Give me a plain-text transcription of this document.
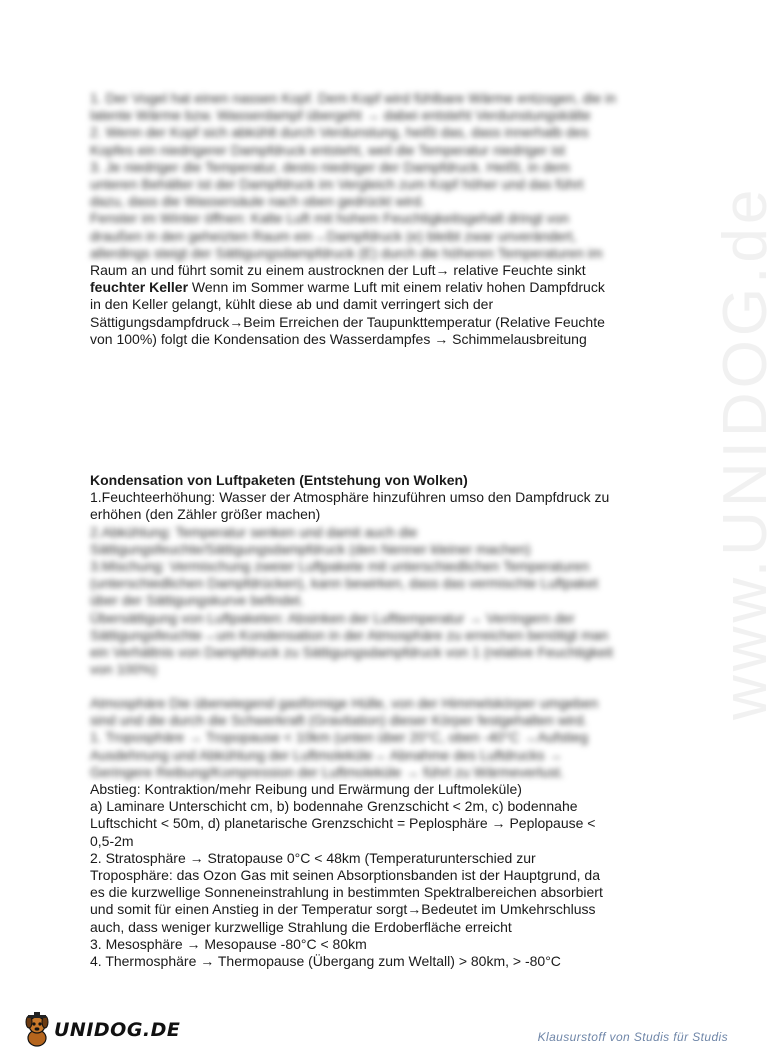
www.UNIDOG.de

1. Der Vogel hat einen nassen Kopf. Dem Kopf wird fühlbare Wärme entzogen, die in

latente Wärme bzw. Wasserdampf übergeht → dabei entsteht Verdunstungskälte

2. Wenn der Kopf sich abkühlt durch Verdunstung, heißt das, dass innerhalb des

Kopfes ein niedrigerer Dampfdruck entsteht, weil die Temperatur niedriger ist

3. Je niedriger die Temperatur, desto niedriger der Dampfdruck. Heißt, in dem

unteren Behälter ist der Dampfdruck im Vergleich zum Kopf höher und das führt

dazu, dass die Wassersäule nach oben gedrückt wird.

Fenster im Winter öffnen: Kalte Luft mit hohem Feuchtigkeitsgehalt dringt von

draußen in den geheizten Raum ein→Dampfdruck (e) bleibt zwar unverändert,

allerdings steigt der Sättigungsdampfdruck (E) durch die höheren Temperaturen im

Raum an und führt somit zu einem austrocknen der Luft→ relative Feuchte sinkt

feuchter Keller Wenn im Sommer warme Luft mit einem relativ hohen Dampfdruck

in den Keller gelangt, kühlt diese ab und damit verringert sich der

Sättigungsdampfdruck→Beim Erreichen der Taupunkttemperatur (Relative Feuchte

von 100%) folgt die Kondensation des Wasserdampfes → Schimmelausbreitung

Kondensation von Luftpaketen (Entstehung von Wolken)

1.Feuchteerhöhung: Wasser der Atmosphäre hinzuführen umso den Dampfdruck zu

erhöhen (den Zähler größer machen)

2.Abkühlung: Temperatur senken und damit auch die

Sättigungsfeuchte/Sättigungsdampfdruck (den Nenner kleiner machen)

3.Mischung: Vermischung zweier Luftpakete mit unterschiedlichen Temperaturen

(unterschiedlichen Dampfdrücken), kann bewirken, dass das vermischte Luftpaket

über der Sättigungskurve befindet.

Übersättigung von Luftpaketen: Absinken der Lufttemperatur → Verringern der

Sättigungsfeuchte→um Kondensation in der Atmosphäre zu erreichen benötigt man

ein Verhältnis von Dampfdruck zu Sättigungsdampfdruck von 1 (relative Feuchtigkeit

von 100%)

Atmosphäre Die überwiegend gasförmige Hülle, von der Himmelskörper umgeben

sind und die durch die Schwerkraft (Gravitation) dieser Körper festgehalten wird.

1. Troposphäre → Tropopause < 10km (unten über 20°C, oben -40°C →Aufstieg

Ausdehnung und Abkühlung der Luftmoleküle→ Abnahme des Luftdrucks →

Geringere Reibung/Kompression der Luftmoleküle → führt zu Wärmeverlust.

Abstieg: Kontraktion/mehr Reibung und Erwärmung der Luftmoleküle)

a) Laminare Unterschicht cm, b) bodennahe Grenzschicht < 2m, c) bodennahe

Luftschicht < 50m, d) planetarische Grenzschicht = Peplosphäre → Peplopause <

0,5-2m

2. Stratosphäre → Stratopause 0°C < 48km (Temperaturunterschied zur

Troposphäre: das Ozon Gas mit seinen Absorptionsbanden ist der Hauptgrund, da

es die kurzwellige Sonneneinstrahlung in bestimmten Spektralbereichen absorbiert

und somit für einen Anstieg in der Temperatur sorgt→Bedeutet im Umkehrschluss

auch, dass weniger kurzwellige Strahlung die Erdoberfläche erreicht

3. Mesosphäre → Mesopause -80°C < 80km

4. Thermosphäre → Thermopause (Übergang zum Weltall) > 80km, > -80°C

UNIDOG.DE	Klausurstoff von Studis für Studis
